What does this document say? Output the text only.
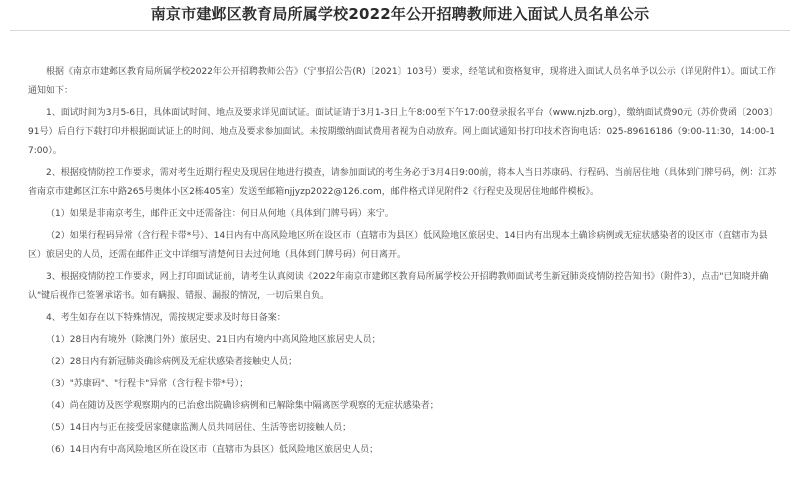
南京市建邺区教育局所属学校2022年公开招聘教师进入面试人员名单公示

根据《南京市建邺区教育局所属学校2022年公开招聘教师公告》（宁事招公告(R)〔2021〕103号）要求，经笔试和资格复审，现将进入面试人员名单予以公示（详见附件1）。面试工作通知如下：

1、面试时间为3月5-6日，具体面试时间、地点及要求详见面试证。面试证请于3月1-3日上午8:00至下午17:00登录报名平台（www.njzb.org），缴纳面试费90元（苏价费函〔2003〕91号）后自行下载打印并根据面试证上的时间、地点及要求参加面试。未按期缴纳面试费用者视为自动放弃。网上面试通知书打印技术咨询电话：025-89616186（9:00-11:30，14:00-17:00）。

2、根据疫情防控工作要求，需对考生近期行程史及现居住地进行摸查，请参加面试的考生务必于3月4日9:00前，将本人当日苏康码、行程码、当前居住地（具体到门牌号码，例：江苏省南京市建邺区江东中路265号奥体小区2栋405室）发送至邮箱njjyzp2022@126.com，邮件格式详见附件2《行程史及现居住地邮件模板》。

（1）如果是非南京考生，邮件正文中还需备注：何日从何地（具体到门牌号码）来宁。

（2）如果行程码异常（含行程卡带*号）、14日内有中高风险地区所在设区市（直辖市为县区）低风险地区旅居史、14日内有出现本土确诊病例或无症状感染者的设区市（直辖市为县区）旅居史的人员，还需在邮件正文中详细写清楚何日去过何地（具体到门牌号码）何日离开。

3、根据疫情防控工作要求，网上打印面试证前，请考生认真阅读《2022年南京市建邺区教育局所属学校公开招聘教师面试考生新冠肺炎疫情防控告知书》（附件3），点击"已知晓并确认"键后视作已签署承诺书。如有瞒报、错报、漏报的情况，一切后果自负。

4、考生如存在以下特殊情况，需按规定要求及时每日备案：

（1）28日内有境外（除澳门外）旅居史、21日内有境内中高风险地区旅居史人员；

（2）28日内有新冠肺炎确诊病例及无症状感染者接触史人员；

（3）"苏康码"、"行程卡"异常（含行程卡带*号）；

（4）尚在随访及医学观察期内的已治愈出院确诊病例和已解除集中隔离医学观察的无症状感染者；

（5）14日内与正在接受居家健康监测人员共同居住、生活等密切接触人员；

（6）14日内有中高风险地区所在设区市（直辖市为县区）低风险地区旅居史人员；
